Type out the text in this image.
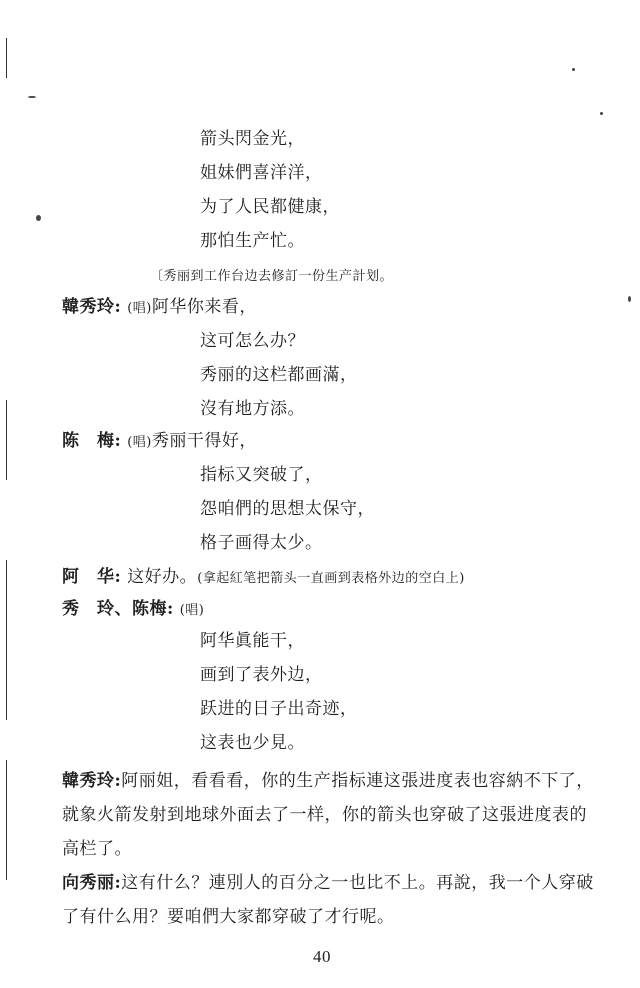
箭头閃金光，
姐妹們喜洋洋，
为了人民都健康，
那怕生产忙。
〔秀丽到工作台边去修訂一份生产計划。
韓秀玲: (唱)阿华你来看，
这可怎么办？
秀丽的这栏都画滿，
沒有地方添。
陈　梅: (唱)秀丽干得好，
指标又突破了，
怨咱們的思想太保守，
格子画得太少。
阿　华: 这好办。(拿起紅笔把箭头一直画到表格外边的空白上)
秀　玲、陈梅: (唱)
阿华眞能干，
画到了表外边，
跃进的日子出奇迹，
这表也少見。
韓秀玲:阿丽姐，看看看，你的生产指标連这張进度表也容納不下了，就象火箭发射到地球外面去了一样，你的箭头也穿破了这張进度表的高栏了。
向秀丽:这有什么？連別人的百分之一也比不上。再說，我一个人穿破了有什么用？要咱們大家都穿破了才行呢。
40
